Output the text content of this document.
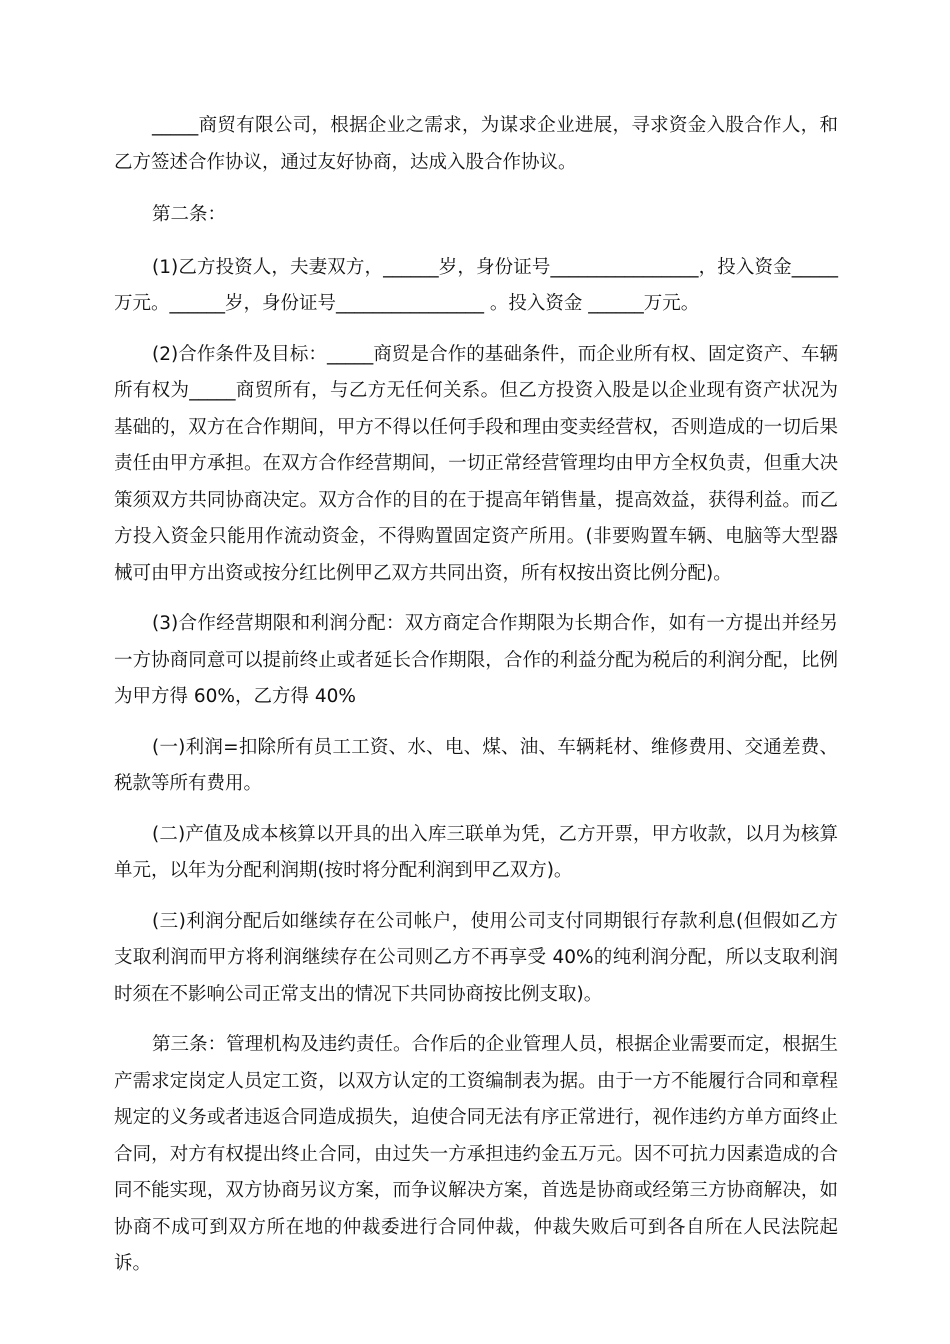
_____商贸有限公司，根据企业之需求，为谋求企业进展，寻求资金入股合作人，和乙方签述合作协议，通过友好协商，达成入股合作协议。

第二条：

(1)乙方投资人，夫妻双方，______岁，身份证号________________，投入资金_____万元。______岁，身份证号________________ 。投入资金 ______万元。

(2)合作条件及目标：_____商贸是合作的基础条件，而企业所有权、固定资产、车辆所有权为_____商贸所有，与乙方无任何关系。但乙方投资入股是以企业现有资产状况为基础的，双方在合作期间，甲方不得以任何手段和理由变卖经营权，否则造成的一切后果责任由甲方承担。在双方合作经营期间，一切正常经营管理均由甲方全权负责，但重大决策须双方共同协商决定。双方合作的目的在于提高年销售量，提高效益，获得利益。而乙方投入资金只能用作流动资金，不得购置固定资产所用。(非要购置车辆、电脑等大型器械可由甲方出资或按分红比例甲乙双方共同出资，所有权按出资比例分配)。

(3)合作经营期限和利润分配：双方商定合作期限为长期合作，如有一方提出并经另一方协商同意可以提前终止或者延长合作期限，合作的利益分配为税后的利润分配，比例为甲方得 60%，乙方得 40%

(一)利润=扣除所有员工工资、水、电、煤、油、车辆耗材、维修费用、交通差费、税款等所有费用。

(二)产值及成本核算以开具的出入库三联单为凭，乙方开票，甲方收款，以月为核算单元，以年为分配利润期(按时将分配利润到甲乙双方)。

(三)利润分配后如继续存在公司帐户，使用公司支付同期银行存款利息(但假如乙方支取利润而甲方将利润继续存在公司则乙方不再享受 40%的纯利润分配，所以支取利润时须在不影响公司正常支出的情况下共同协商按比例支取)。

第三条：管理机构及违约责任。合作后的企业管理人员，根据企业需要而定，根据生产需求定岗定人员定工资，以双方认定的工资编制表为据。由于一方不能履行合同和章程规定的义务或者违返合同造成损失，迫使合同无法有序正常进行，视作违约方单方面终止合同，对方有权提出终止合同，由过失一方承担违约金五万元。因不可抗力因素造成的合同不能实现，双方协商另议方案，而争议解决方案，首选是协商或经第三方协商解决，如协商不成可到双方所在地的仲裁委进行合同仲裁，仲裁失败后可到各自所在人民法院起诉。
